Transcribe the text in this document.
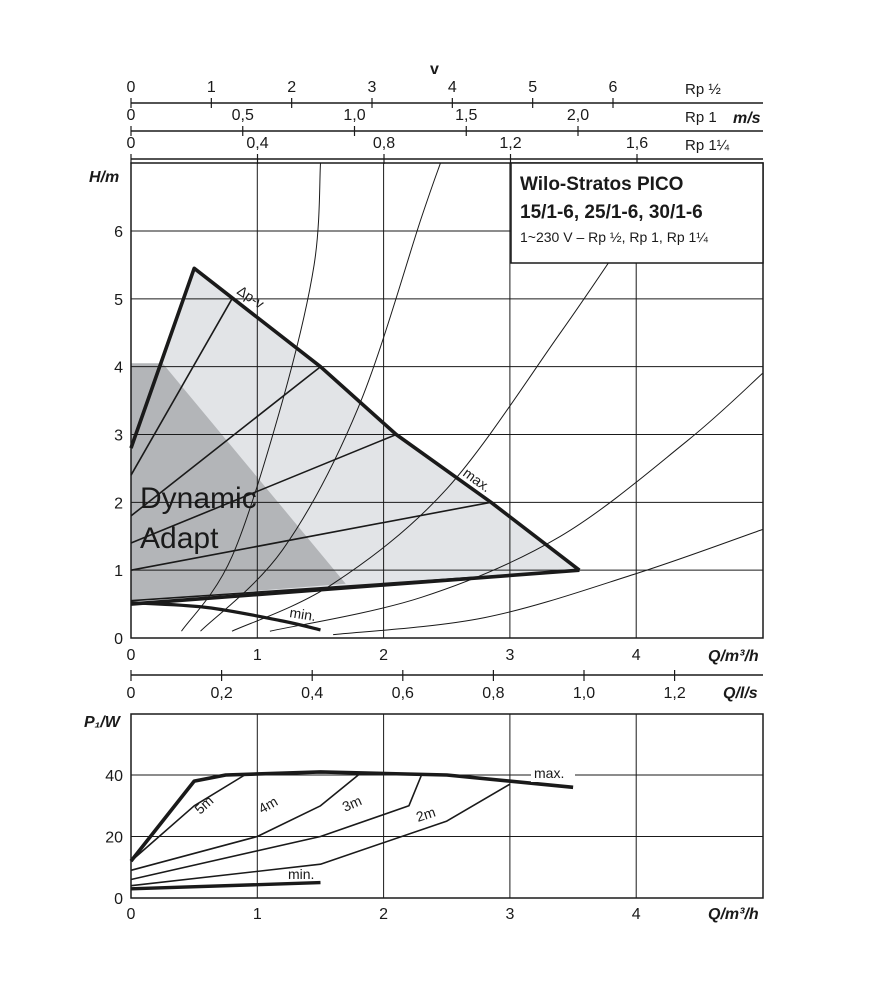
v
m/s
0	1	2	3	4	5	6	Rp ½
0	0,5	1,0	1,5	2,0	Rp 1
0	0,4	0,8	1,2	1,6 Rp 1¼
0
1
2
3
4
5
6
0	1	2	3	4
H/m
Q/m³/h
Δp-v
max.
min.
Dynamic
Adapt
Wilo-Stratos PICO
15/1-6, 25/1-6, 30/1-6
1~230 V – Rp ½, Rp 1, Rp 1¼
0	0,2	0,4	0,6	0,8	1,0	1,2 Q/l/s
0
20
40
0	1	2	3	4
max.
5m	4m	3m	2m
min.
P₁/W
Q/m³/h
